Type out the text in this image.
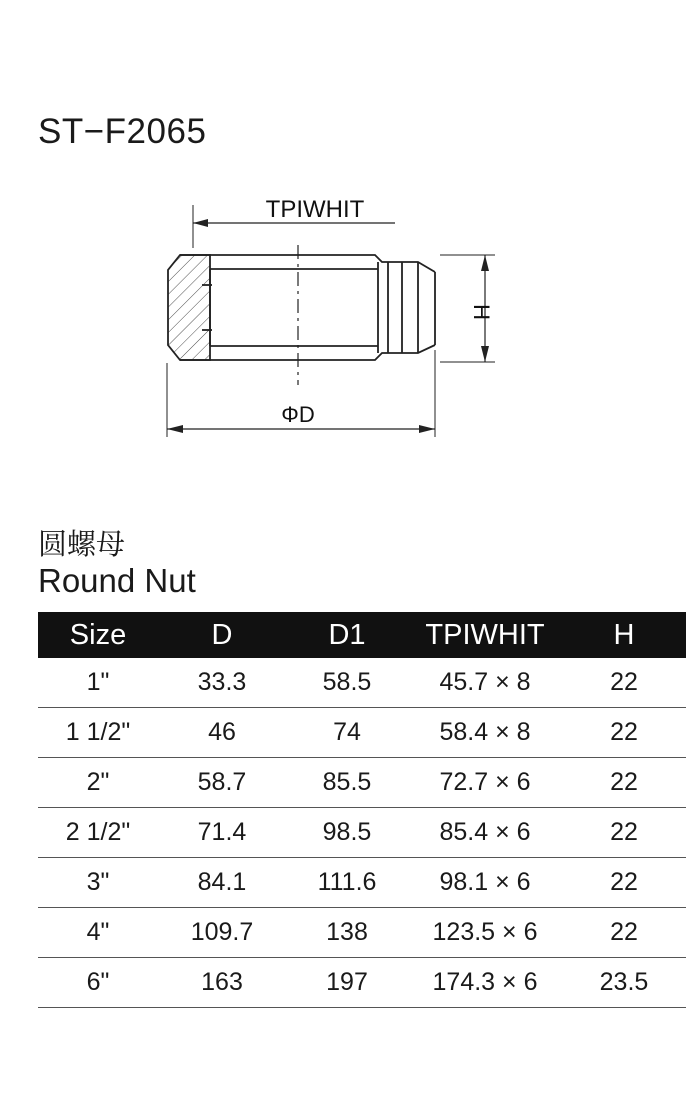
ST−F2065
TPIWHIT
H
ΦD
圆螺母
Round Nut
Size	D	D1	TPIWHIT	H
1"	33.3	58.5	45.7 × 8	22
1 1/2"	46	74	58.4 × 8	22
2"	58.7	85.5	72.7 × 6	22
2 1/2"	71.4	98.5	85.4 × 6	22
3"	84.1	111.6	98.1 × 6	22
4"	109.7	138	123.5 × 6	22
6"	163	197	174.3 × 6	23.5
